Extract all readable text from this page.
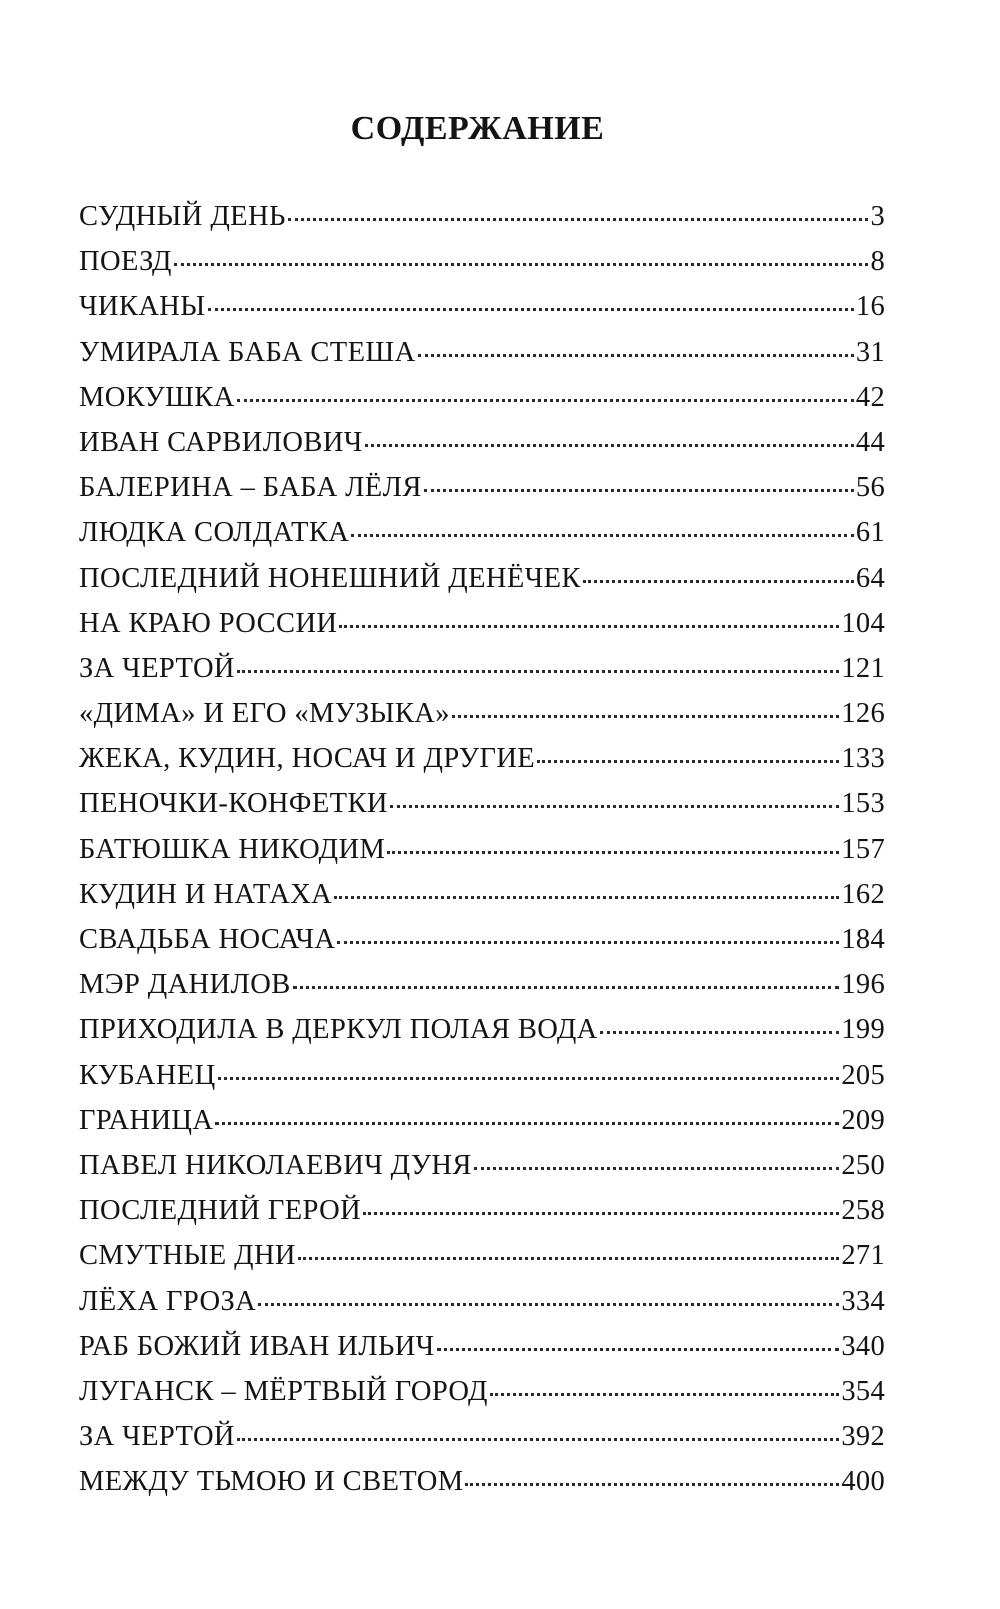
СОДЕРЖАНИЕ
СУДНЫЙ ДЕНЬ	3
ПОЕЗД	8
ЧИКАНЫ	16
УМИРАЛА БАБА СТЕША	31
МОКУШКА	42
ИВАН САРВИЛОВИЧ	44
БАЛЕРИНА – БАБА ЛЁЛЯ	56
ЛЮДКА СОЛДАТКА	61
ПОСЛЕДНИЙ НОНЕШНИЙ ДЕНЁЧЕК	64
НА КРАЮ РОССИИ	104
ЗА ЧЕРТОЙ	121
«ДИМА» И ЕГО «МУЗЫКА»	126
ЖЕКА, КУДИН, НОСАЧ И ДРУГИЕ	133
ПЕНОЧКИ-КОНФЕТКИ	153
БАТЮШКА НИКОДИМ	157
КУДИН И НАТАХА	162
СВАДЬБА НОСАЧА	184
МЭР ДАНИЛОВ	196
ПРИХОДИЛА В ДЕРКУЛ ПОЛАЯ ВОДА	199
КУБАНЕЦ	205
ГРАНИЦА	209
ПАВЕЛ НИКОЛАЕВИЧ ДУНЯ	250
ПОСЛЕДНИЙ ГЕРОЙ	258
СМУТНЫЕ ДНИ	271
ЛЁХА ГРОЗА	334
РАБ БОЖИЙ ИВАН ИЛЬИЧ	340
ЛУГАНСК – МЁРТВЫЙ ГОРОД	354
ЗА ЧЕРТОЙ	392
МЕЖДУ ТЬМОЮ И СВЕТОМ	400
